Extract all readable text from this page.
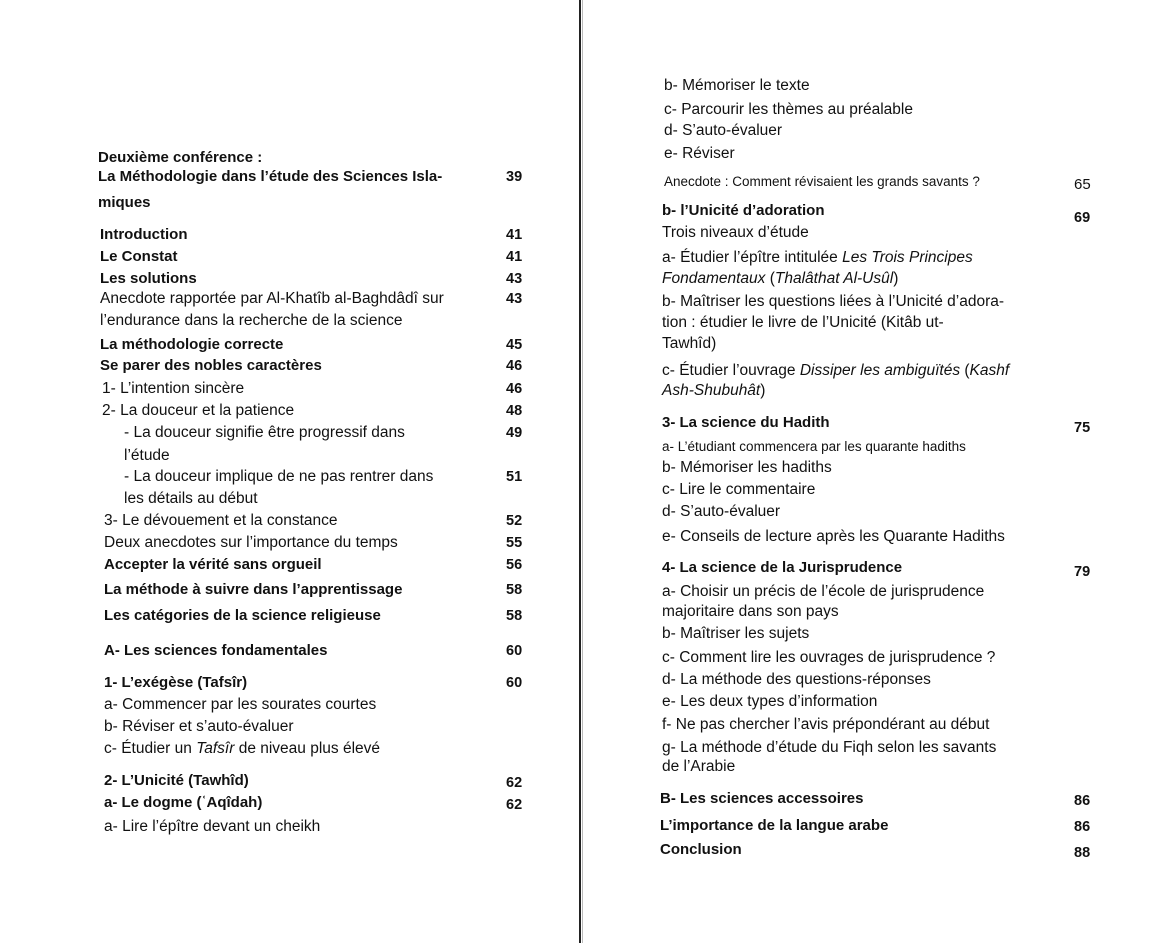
Deuxième conférence :
La Méthodologie dans l’étude des Sciences Isla-	39
miques
Introduction	41
Le Constat	41
Les solutions	43
Anecdote rapportée par Al-Khatîb al-Baghdâdî sur	43
l’endurance dans la recherche de la science
La méthodologie correcte	45
Se parer des nobles caractères	46
1- L’intention sincère	46
2- La douceur et la patience	48
- La douceur signifie être progressif dans	49
l’étude
- La douceur implique de ne pas rentrer dans	51
les détails au début
3- Le dévouement et la constance	52
Deux anecdotes sur l’importance du temps	55
Accepter la vérité sans orgueil	56
La méthode à suivre dans l’apprentissage	58
Les catégories de la science religieuse	58
A- Les sciences fondamentales	60
1- L’exégèse (Tafsîr)	60
a- Commencer par les sourates courtes
b- Réviser et s’auto-évaluer
c- Étudier un Tafsîr de niveau plus élevé
2- L’Unicité (Tawhîd)	62
a- Le dogme (ʿAqîdah)	62
a- Lire l’épître devant un cheikh
b- Mémoriser le texte
c- Parcourir les thèmes au préalable
d- S’auto-évaluer
e- Réviser
Anecdote : Comment révisaient les grands savants ?	65
b- l’Unicité d’adoration	69
Trois niveaux d’étude
a- Étudier l’épître intitulée Les Trois Principes
Fondamentaux (Thalâthat Al-Usûl)
b- Maîtriser les questions liées à l’Unicité d’adora-
tion : étudier le livre de l’Unicité (Kitâb ut-
Tawhîd)
c- Étudier l’ouvrage Dissiper les ambiguïtés (Kashf
Ash-Shubuhât)
3- La science du Hadith	75
a- L’étudiant commencera par les quarante hadiths
b- Mémoriser les hadiths
c- Lire le commentaire
d- S’auto-évaluer
e- Conseils de lecture après les Quarante Hadiths
4- La science de la Jurisprudence	79
a- Choisir un précis de l’école de jurisprudence
majoritaire dans son pays
b- Maîtriser les sujets
c- Comment lire les ouvrages de jurisprudence ?
d- La méthode des questions-réponses
e- Les deux types d’information
f- Ne pas chercher l’avis prépondérant au début
g- La méthode d’étude du Fiqh selon les savants
de l’Arabie
B- Les sciences accessoires	86
L’importance de la langue arabe	86
Conclusion	88
